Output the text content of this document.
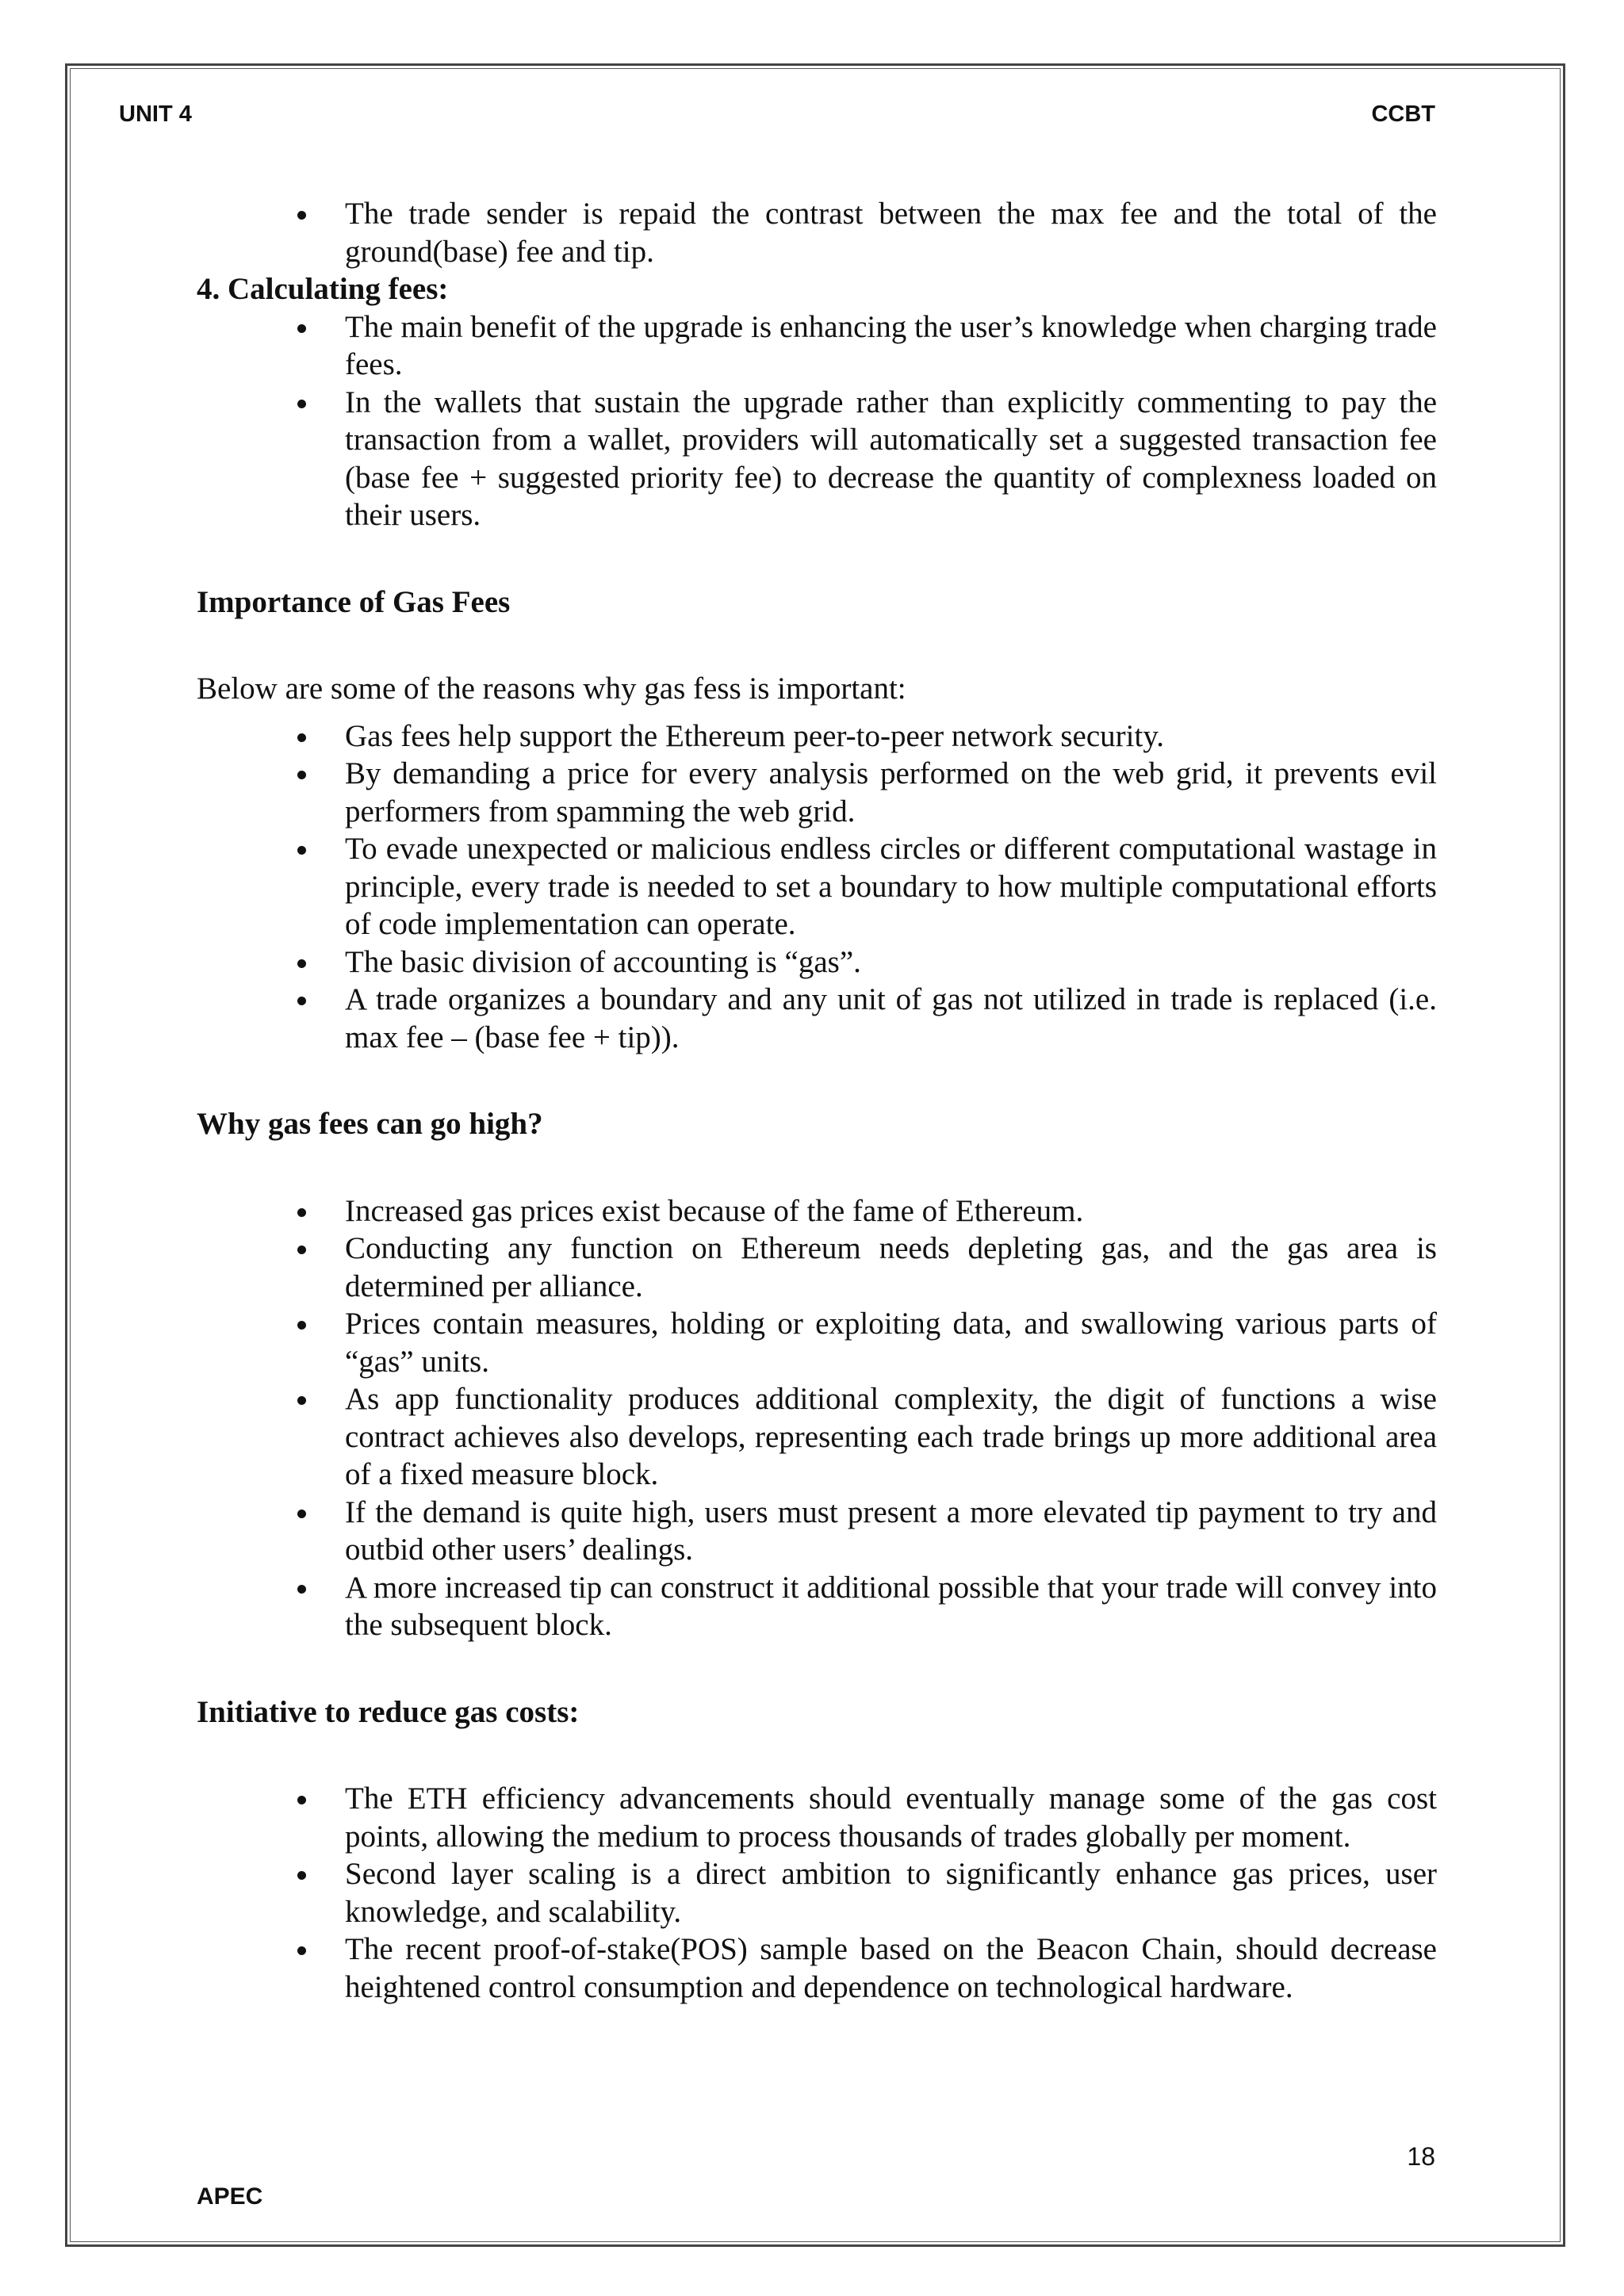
UNIT 4	CCBT
The trade sender is repaid the contrast between the max fee and the total of the ground(base) fee and tip.

4. Calculating fees:

The main benefit of the upgrade is enhancing the user’s knowledge when charging trade fees.
In the wallets that sustain the upgrade rather than explicitly commenting to pay the transaction from a wallet, providers will automatically set a suggested transaction fee (base fee + suggested priority fee) to decrease the quantity of complexness loaded on their users.

Importance of Gas Fees

Below are some of the reasons why gas fess is important:

Gas fees help support the Ethereum peer-to-peer network security.
By demanding a price for every analysis performed on the web grid, it prevents evil performers from spamming the web grid.
To evade unexpected or malicious endless circles or different computational wastage in principle, every trade is needed to set a boundary to how multiple computational efforts of code implementation can operate.
The basic division of accounting is “gas”.
A trade organizes a boundary and any unit of gas not utilized in trade is replaced (i.e. max fee – (base fee + tip)).

Why gas fees can go high?

Increased gas prices exist because of the fame of Ethereum.
Conducting any function on Ethereum needs depleting gas, and the gas area is determined per alliance.
Prices contain measures, holding or exploiting data, and swallowing various parts of “gas” units.
As app functionality produces additional complexity, the digit of functions a wise contract achieves also develops, representing each trade brings up more additional area of a fixed measure block.
If the demand is quite high, users must present a more elevated tip payment to try and outbid other users’ dealings.
A more increased tip can construct it additional possible that your trade will convey into the subsequent block.

Initiative to reduce gas costs:

The ETH efficiency advancements should eventually manage some of the gas cost points, allowing the medium to process thousands of trades globally per moment.
Second layer scaling is a direct ambition to significantly enhance gas prices, user knowledge, and scalability.
The recent proof-of-stake(POS) sample based on the Beacon Chain, should decrease heightened control consumption and dependence on technological hardware.
18
APEC
